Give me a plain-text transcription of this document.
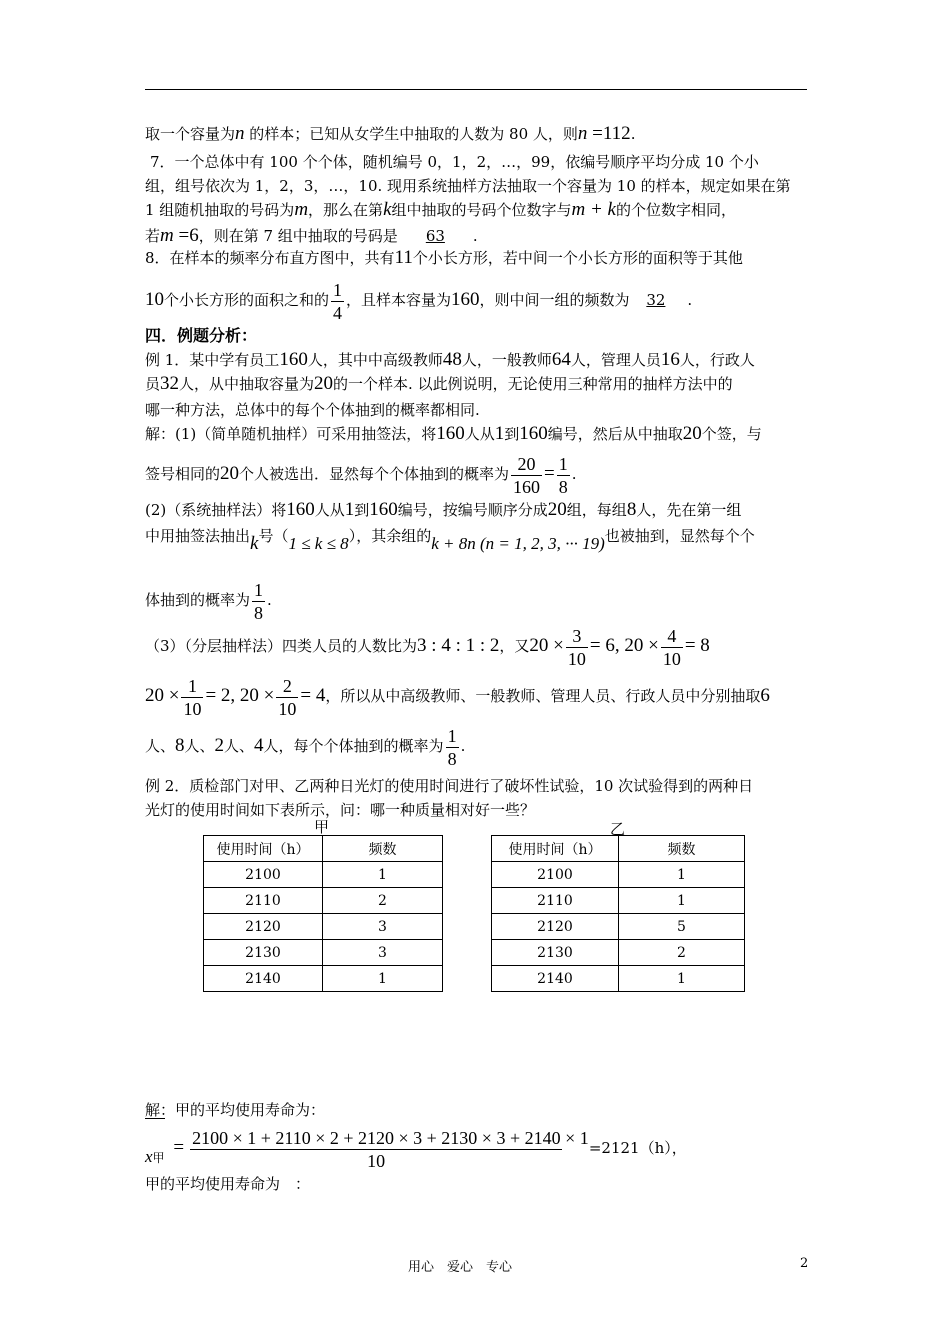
取一个容量为n 的样本；已知从女学生中抽取的人数为 80 人，则n =112.
7．一个总体中有 100 个个体，随机编号 0，1，2，…，99，依编号顺序平均分成 10 个小
组，组号依次为 1，2，3，…，10. 现用系统抽样方法抽取一个容量为 10 的样本，规定如果在第
1 组随机抽取的号码为m，那么在第k组中抽取的号码个位数字与m + k的个位数字相同，
若m =6，则在第 7 组中抽取的号码是 63 .
8．在样本的频率分布直方图中，共有11个小长方形，若中间一个小长方形的面积等于其他
10个小长方形的面积之和的 $\frac{1}{4}$ ，且样本容量为160，则中间一组的频数为 32 .
四．例题分析：
例 1．某中学有员工160人，其中中高级教师48人，一般教师64人，管理人员16人，行政人
员32人，从中抽取容量为20的一个样本. 以此例说明，无论使用三种常用的抽样方法中的
哪一种方法，总体中的每个个体抽到的概率都相同.
解：(1)（简单随机抽样）可采用抽签法，将160人从1到160编号，然后从中抽取20个签，与
签号相同的20个人被选出．显然每个个体抽到的概率为 $\frac{20}{160} = \frac{1}{8}$ .
(2)（系统抽样法）将160人从1到160编号，按编号顺序分成20组，每组8人，先在第一组
中用抽签法抽出k号（1 ≤ k ≤ 8），其余组的k + 8n (n = 1, 2, 3, ··· 19)也被抽到，显然每个个
体抽到的概率为 $\frac{1}{8}$ .
（3）（分层抽样法）四类人员的人数比为3 : 4 : 1 : 2，又$20 \times \frac{3}{10} = 6$, $20 \times \frac{4}{10} = 8$
$20 \times \frac{1}{10} = 2$, $20 \times \frac{2}{10} = 4$，所以从中高级教师、一般教师、管理人员、行政人员中分别抽取6
人、8人、2人、4人，每个个体抽到的概率为 $\frac{1}{8}$ .
例 2．质检部门对甲、乙两种日光灯的使用时间进行了破坏性试验，10 次试验得到的两种日
光灯的使用时间如下表所示，问：哪一种质量相对好一些？
甲
使用时间（h）	频数
2100	1
2110	2
2120	3
2130	3
2140	1
乙
使用时间（h）	频数
2100	1
2110	1
2120	5
2130	2
2140	1
解：甲的平均使用寿命为：

x甲 = $\frac{2100 \times 1 + 2110 \times 2 + 2120 \times 3 + 2130 \times 3 + 2140 \times 1}{10} =2121(h)$，
甲的平均使用寿命为　：
用心　爱心　专心	2
